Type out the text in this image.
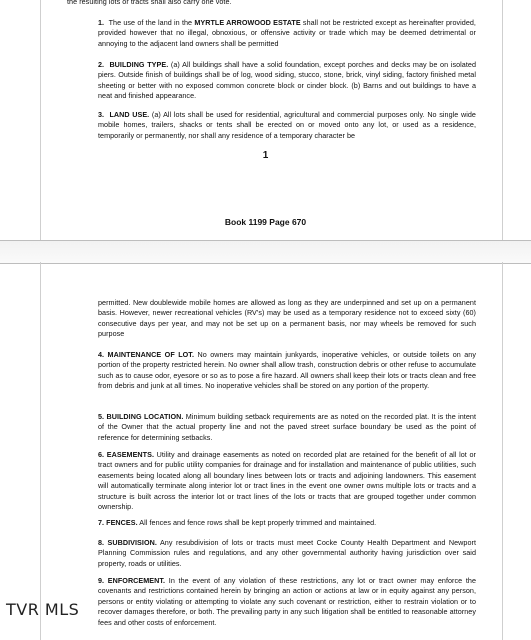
the resulting lots or tracts shall also carry one vote.

1. The use of the land in the MYRTLE ARROWOOD ESTATE shall not be restricted except as hereinafter provided, provided however that no illegal, obnoxious, or offensive activity or trade which may be deemed detrimental or annoying to the adjacent land owners shall be permitted

2. BUILDING TYPE. (a) All buildings shall have a solid foundation, except porches and decks may be on isolated piers. Outside finish of buildings shall be of log, wood siding, stucco, stone, brick, vinyl siding, factory finished metal sheeting or better with no exposed common concrete block or cinder block. (b) Barns and out buildings to have a neat and finished appearance.

3. LAND USE. (a) All lots shall be used for residential, agricultural and commercial purposes only. No single wide mobile homes, trailers, shacks or tents shall be erected on or moved onto any lot, or used as a residence, temporarily or permanently, nor shall any residence of a temporary character be

1

Book 1199 Page 670

permitted. New doublewide mobile homes are allowed as long as they are underpinned and set up on a permanent basis. However, newer recreational vehicles (RV's) may be used as a temporary residence not to exceed sixty (60) consecutive days per year, and may not be set up on a permanent basis, nor may wheels be removed for such purpose

4. MAINTENANCE OF LOT. No owners may maintain junkyards, inoperative vehicles, or outside toilets on any portion of the property restricted herein. No owner shall allow trash, construction debris or other refuse to accumulate such as to cause odor, eyesore or so as to pose a fire hazard. All owners shall keep their lots or tracts clean and free from debris and junk at all times. No inoperative vehicles shall be stored on any portion of the property.

5. BUILDING LOCATION. Minimum building setback requirements are as noted on the recorded plat. It is the intent of the Owner that the actual property line and not the paved street surface boundary be used as the point of reference for determining setbacks.

6. EASEMENTS. Utility and drainage easements as noted on recorded plat are retained for the benefit of all lot or tract owners and for public utility companies for drainage and for installation and maintenance of public utilities, such easements being located along all boundary lines between lots or tracts and adjoining landowners. This easement will automatically terminate along interior lot or tract lines in the event one owner owns multiple lots or tracts and a structure is built across the interior lot or tract lines of the lots or tracts that are grouped together under common ownership.

7. FENCES. All fences and fence rows shall be kept properly trimmed and maintained.

8. SUBDIVISION. Any resubdivision of lots or tracts must meet Cocke County Health Department and Newport Planning Commission rules and regulations, and any other governmental authority having jurisdiction over said property, roads or utilities.

9. ENFORCEMENT. In the event of any violation of these restrictions, any lot or tract owner may enforce the covenants and restrictions contained herein by bringing an action or actions at law or in equity against any person, persons or entity violating or attempting to violate any such covenant or restriction, either to restrain violation or to recover damages therefore, or both. The prevailing party in any such litigation shall be entitled to reasonable attorney fees and other costs of enforcement.

TVR MLS
